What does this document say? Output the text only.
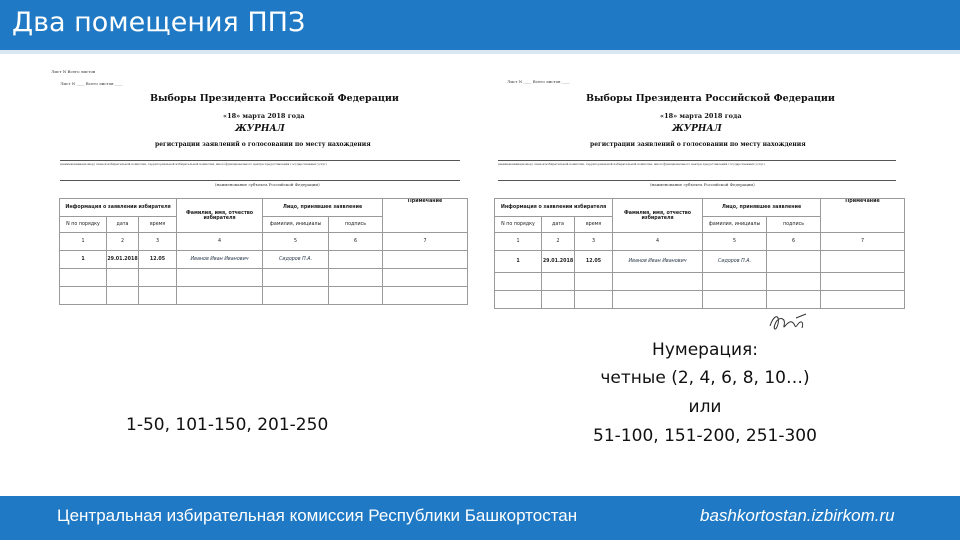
Два помещения ППЗ
Лист N Всего листов
Лист N ____ Всего листов ____
Выборы Президента Российской Федерации
«18» марта 2018 года
ЖУРНАЛ
регистрации заявлений о голосовании по месту нахождения
(наименование(номер) членов избирательной комиссии, территориальной избирательной комиссии, многофункционального центра предоставления государственных услуг)
(наименование субъекта Российской Федерации)
Информация о заявлении избирателя			Фамилия, имя, отчество избирателя	Лицо, принявшее заявление		Примечание
N по порядку	дата	время		фамилия, инициалы	подпись	
1	2	3	4	5	6	7
1	29.01.2018	12.05	Иванов Иван Иванович	Сидоров П.А.		

Лист N ____ Всего листов ____
Выборы Президента Российской Федерации
«18» марта 2018 года
ЖУРНАЛ
регистрации заявлений о голосовании по месту нахождения
(наименование(номер) членов избирательной комиссии, территориальной избирательной комиссии, многофункционального центра предоставления государственных услуг)
(наименование субъекта Российской Федерации)
Информация о заявлении избирателя			Фамилия, имя, отчество избирателя	Лицо, принявшее заявление		Примечание
N по порядку	дата	время		фамилия, инициалы	подпись	
1	2	3	4	5	6	7
1	29.01.2018	12.05	Иванов Иван Иванович	Сидоров П.А.		

1-50, 101-150, 201-250
Нумерация:
четные (2, 4, 6, 8, 10…)
или
51-100, 151-200, 251-300
Центральная избирательная комиссия Республики Башкортостан	bashkortostan.izbirkom.ru
